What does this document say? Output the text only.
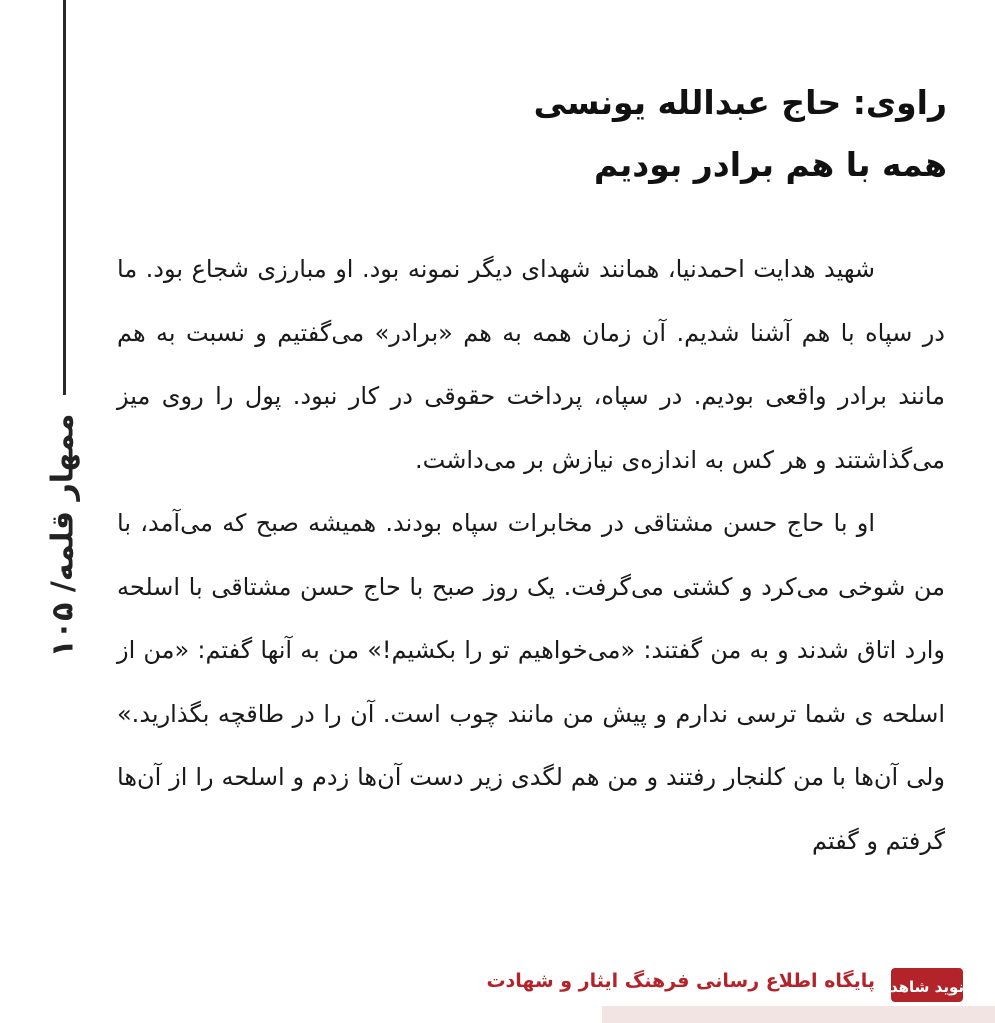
ممهار قلمه/ ۱۰۵

راوی: حاج عبدالله یونسی

همه با هم برادر بودیم

شهید هدایت احمدنیا، همانند شهدای دیگر نمونه بود. او مبارزی شجاع بود. ما در سپاه با هم آشنا شدیم. آن زمان همه به هم «برادر» می‌گفتیم و نسبت به هم مانند برادر واقعی بودیم. در سپاه، پرداخت حقوقی در کار نبود. پول را روی میز می‌گذاشتند و هر کس به اندازه‌ی نیازش بر می‌داشت.

او با حاج حسن مشتاقی در مخابرات سپاه بودند. همیشه صبح که می‌آمد، با من شوخی می‌کرد و کشتی می‌گرفت. یک روز صبح با حاج حسن مشتاقی با اسلحه وارد اتاق شدند و به من گفتند: «می‌خواهیم تو را بکشیم!» من به آنها گفتم: «من از اسلحه ی شما ترسی ندارم و پیش من مانند چوب است. آن را در طاقچه بگذارید.» ولی آن‌ها با من کلنجار رفتند و من هم لگدی زیر دست آن‌ها زدم و اسلحه را از آن‌ها گرفتم و گفتم

پایگاه اطلاع رسانی فرهنگ ایثار و شهادت نوید شاهد
